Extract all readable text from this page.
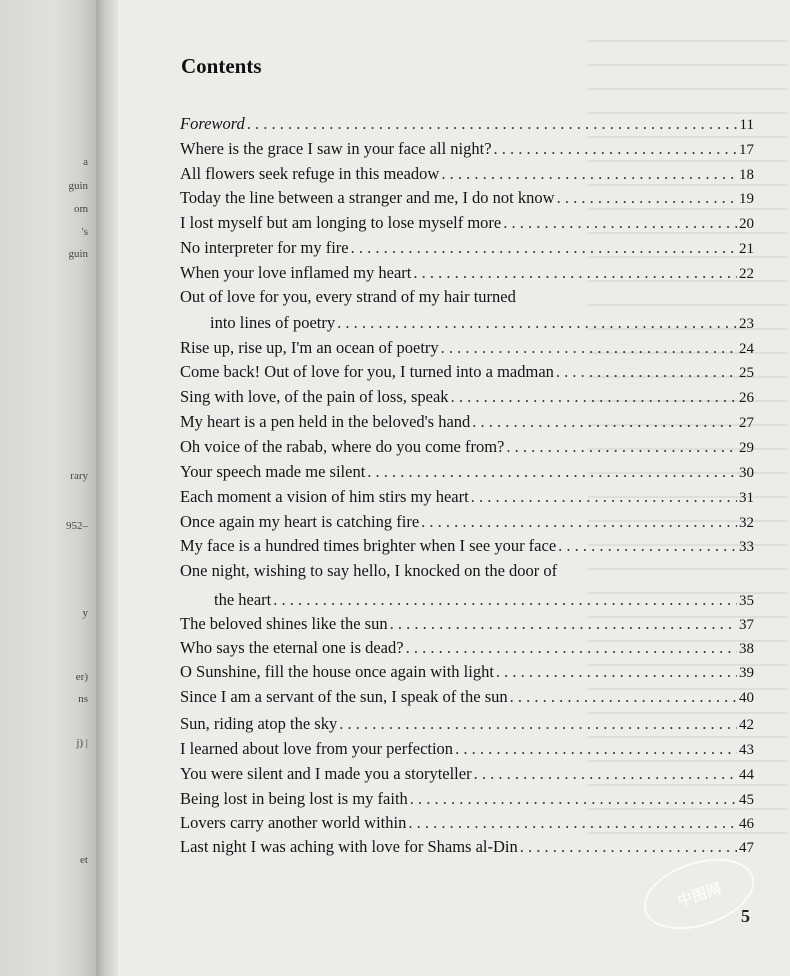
a
guin
om
's
guin
rary
952–
y
er)
ns
j) |
et
Contents
Foreword . . .	11
Where is the grace I saw in your face all night? . . .	17
All flowers seek refuge in this meadow . . .	18
Today the line between a stranger and me, I do not know . . .	19
I lost myself but am longing to lose myself more . . .	20
No interpreter for my fire . . .	21
When your love inflamed my heart . . .	22
Out of love for you, every strand of my hair turned
into lines of poetry . . .	23
Rise up, rise up, I'm an ocean of poetry . . .	24
Come back! Out of love for you, I turned into a madman . . .	25
Sing with love, of the pain of loss, speak . . .	26
My heart is a pen held in the beloved's hand . . .	27
Oh voice of the rabab, where do you come from? . . .	29
Your speech made me silent . . .	30
Each moment a vision of him stirs my heart . . .	31
Once again my heart is catching fire . . .	32
My face is a hundred times brighter when I see your face . . .	33
One night, wishing to say hello, I knocked on the door of
the heart . . .	35
The beloved shines like the sun . . .	37
Who says the eternal one is dead? . . .	38
O Sunshine, fill the house once again with light . . .	39
Since I am a servant of the sun, I speak of the sun . . .	40
Sun, riding atop the sky . . .	42
I learned about love from your perfection . . .	43
You were silent and I made you a storyteller . . .	44
Being lost in being lost is my faith . . .	45
Lovers carry another world within . . .	46
Last night I was aching with love for Shams al-Din . . .	47
中图网
5
